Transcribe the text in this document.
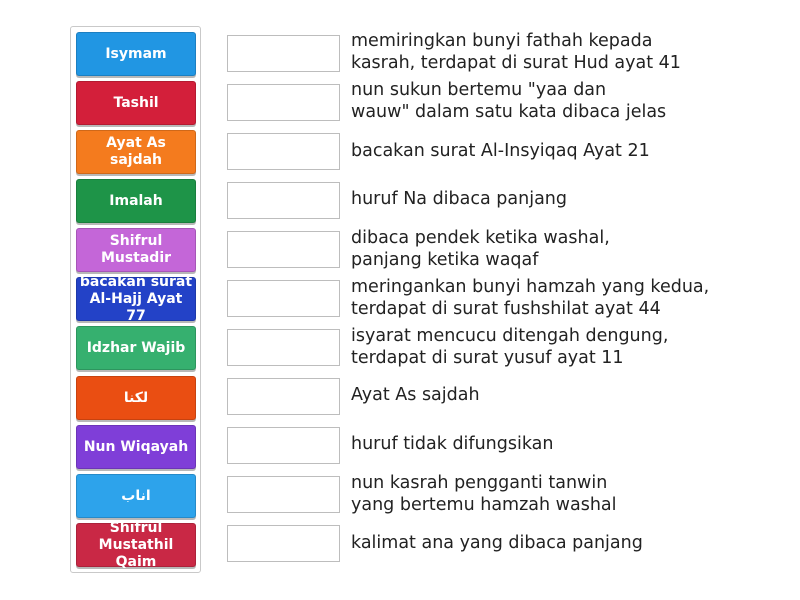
Isymam
Tashil
Ayat As
sajdah
Imalah
Shifrul
Mustadir
bacakan surat
Al-Hajj Ayat 77
Idzhar Wajib
لكنا
Nun Wiqayah
اناب
Shifrul
Mustathil Qaim
memiringkan bunyi fathah kepada
kasrah, terdapat di surat Hud ayat 41
nun sukun bertemu "yaa dan
wauw" dalam satu kata dibaca jelas
bacakan surat Al-Insyiqaq Ayat 21
huruf Na dibaca panjang
dibaca pendek ketika washal,
panjang ketika waqaf
meringankan bunyi hamzah yang kedua,
terdapat di surat fushshilat ayat 44
isyarat mencucu ditengah dengung,
terdapat di surat yusuf ayat 11
Ayat As sajdah
huruf tidak difungsikan
nun kasrah pengganti tanwin
yang bertemu hamzah washal
kalimat ana yang dibaca panjang
